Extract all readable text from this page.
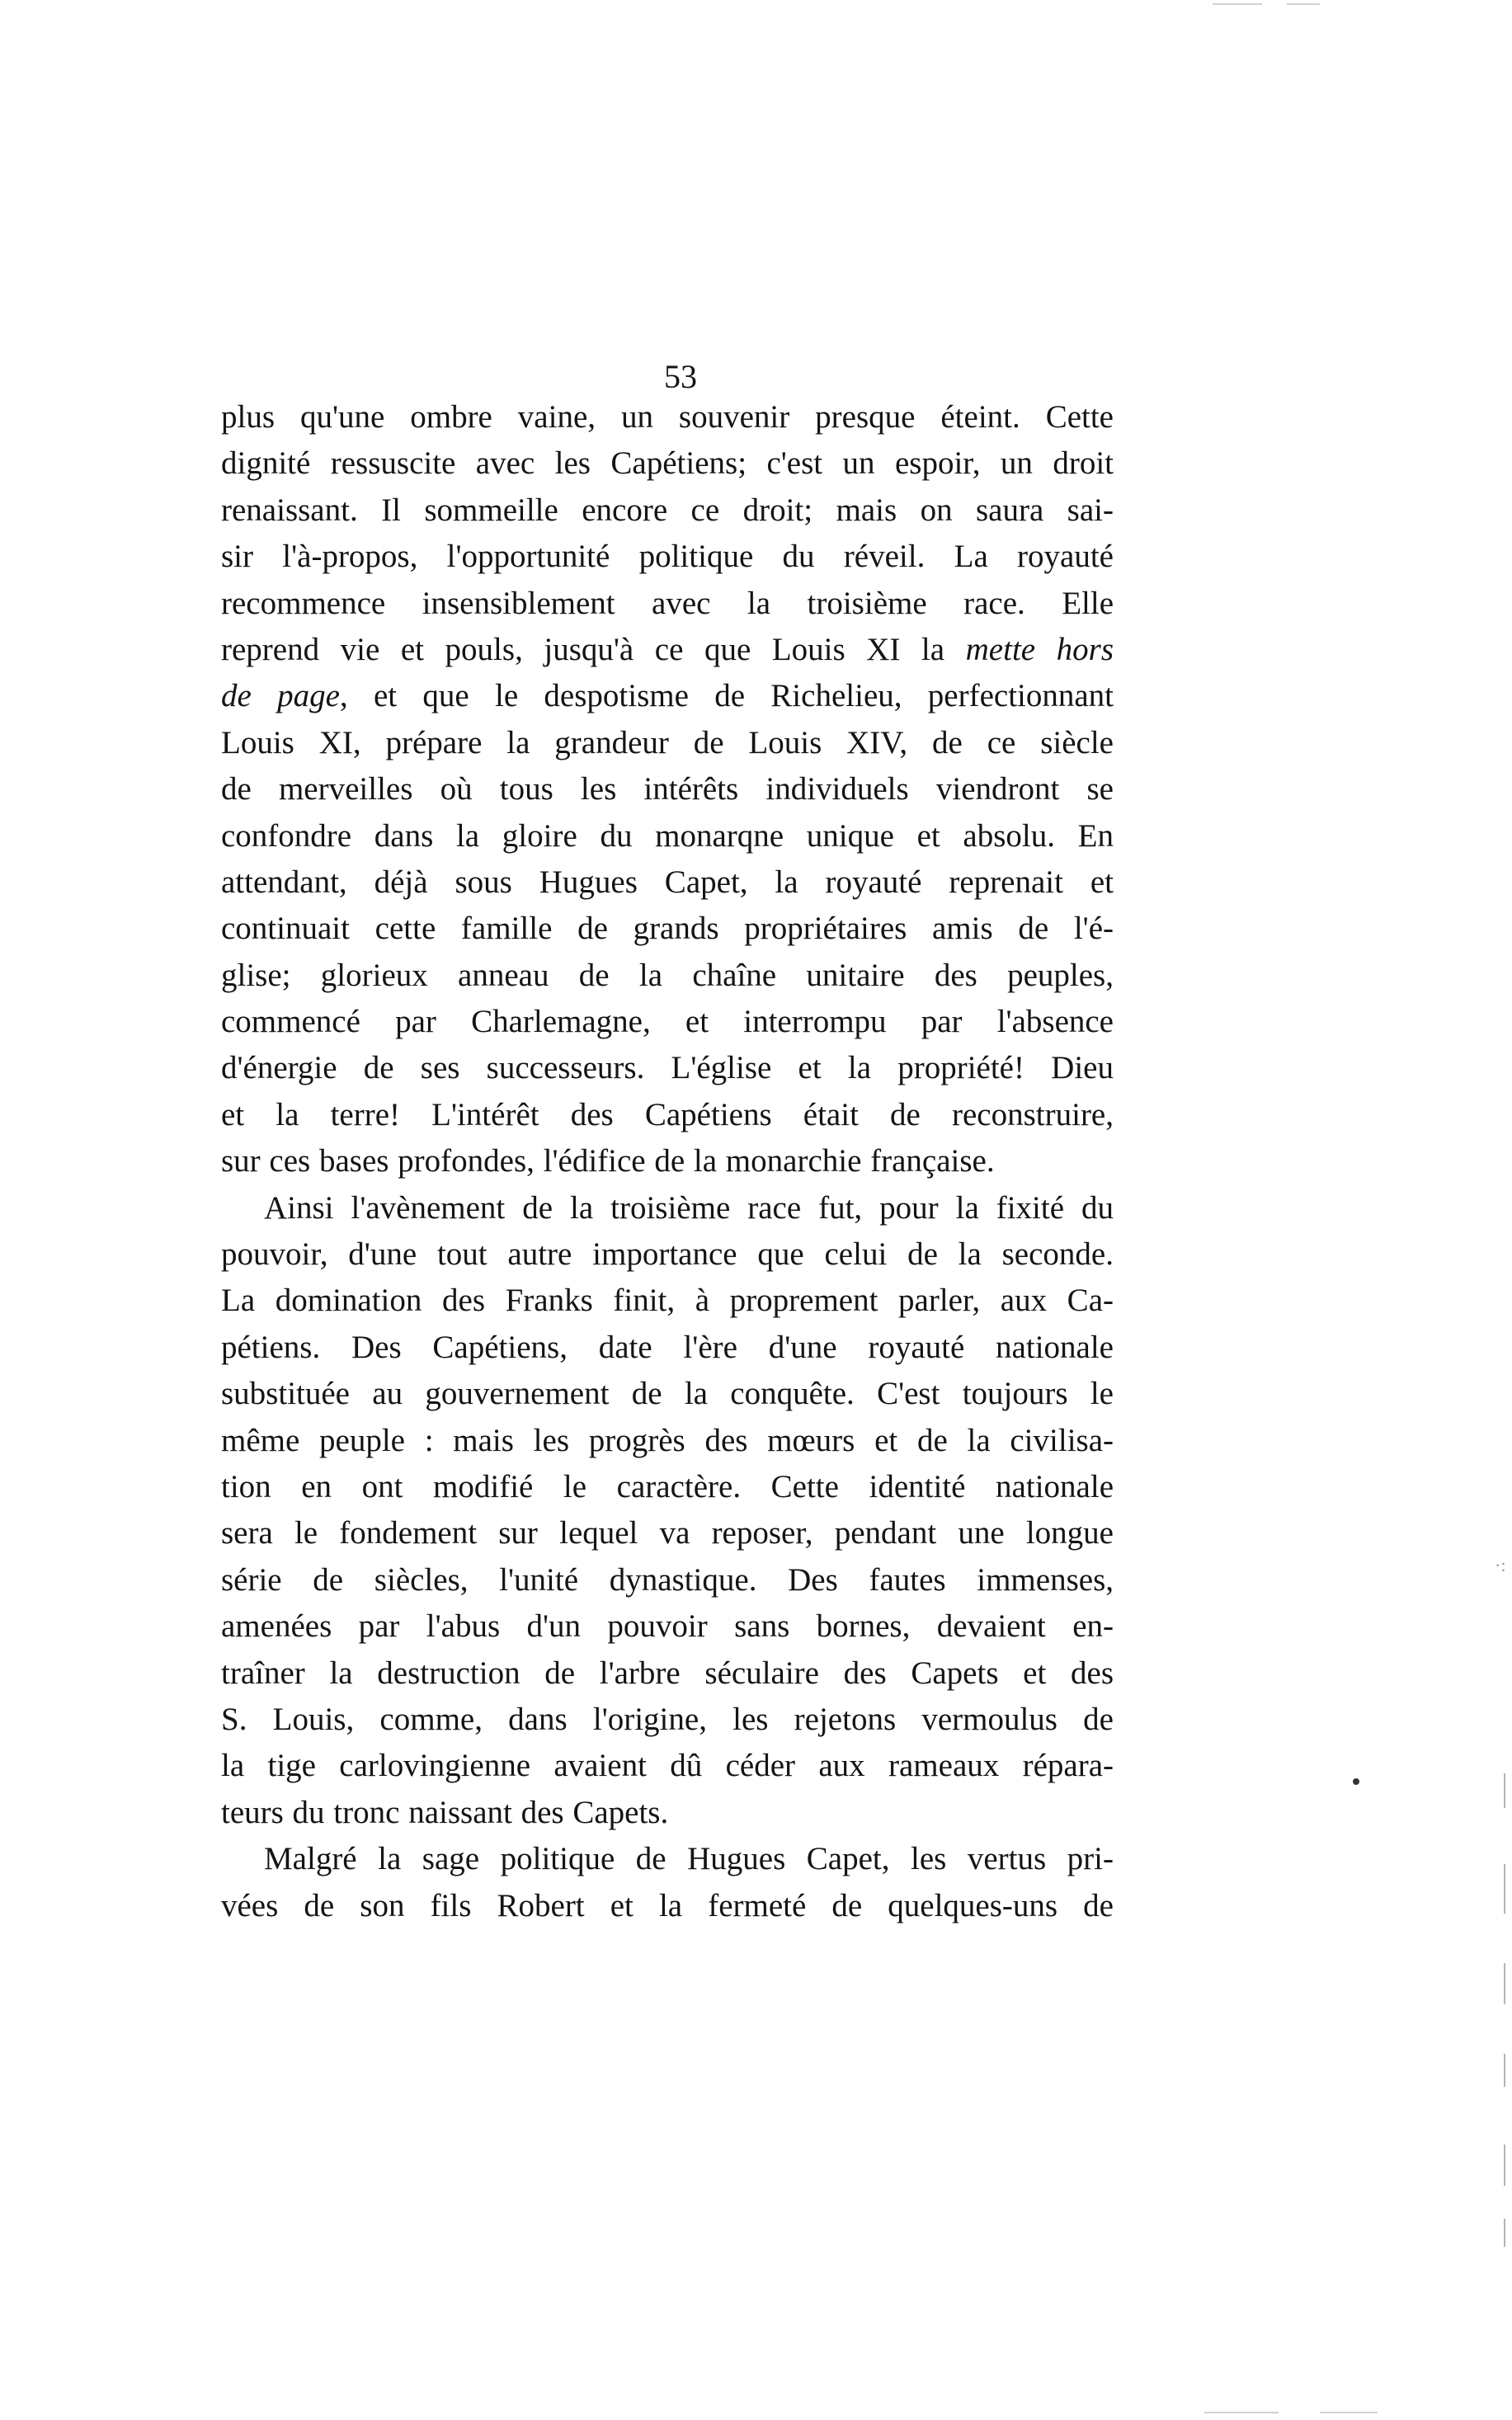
53
plus qu'une ombre vaine, un souvenir presque éteint. Cette
dignité ressuscite avec les Capétiens; c'est un espoir, un droit
renaissant. Il sommeille encore ce droit; mais on saura sai-
sir l'à-propos, l'opportunité politique du réveil. La royauté
recommence insensiblement avec la troisième race. Elle
reprend vie et pouls, jusqu'à ce que Louis XI la mette hors
de page, et que le despotisme de Richelieu, perfectionnant
Louis XI, prépare la grandeur de Louis XIV, de ce siècle
de merveilles où tous les intérêts individuels viendront se
confondre dans la gloire du monarqne unique et absolu. En
attendant, déjà sous Hugues Capet, la royauté reprenait et
continuait cette famille de grands propriétaires amis de l'é-
glise; glorieux anneau de la chaîne unitaire des peuples,
commencé par Charlemagne, et interrompu par l'absence
d'énergie de ses successeurs. L'église et la propriété! Dieu
et la terre! L'intérêt des Capétiens était de reconstruire,
sur ces bases profondes, l'édifice de la monarchie française.
Ainsi l'avènement de la troisième race fut, pour la fixité du
pouvoir, d'une tout autre importance que celui de la seconde.
La domination des Franks finit, à proprement parler, aux Ca-
pétiens. Des Capétiens, date l'ère d'une royauté nationale
substituée au gouvernement de la conquête. C'est toujours le
même peuple : mais les progrès des mœurs et de la civilisa-
tion en ont modifié le caractère. Cette identité nationale
sera le fondement sur lequel va reposer, pendant une longue
série de siècles, l'unité dynastique. Des fautes immenses,
amenées par l'abus d'un pouvoir sans bornes, devaient en-
traîner la destruction de l'arbre séculaire des Capets et des
S. Louis, comme, dans l'origine, les rejetons vermoulus de
la tige carlovingienne avaient dû céder aux rameaux répara-
teurs du tronc naissant des Capets.
Malgré la sage politique de Hugues Capet, les vertus pri-
vées de son fils Robert et la fermeté de quelques-uns de
·:
